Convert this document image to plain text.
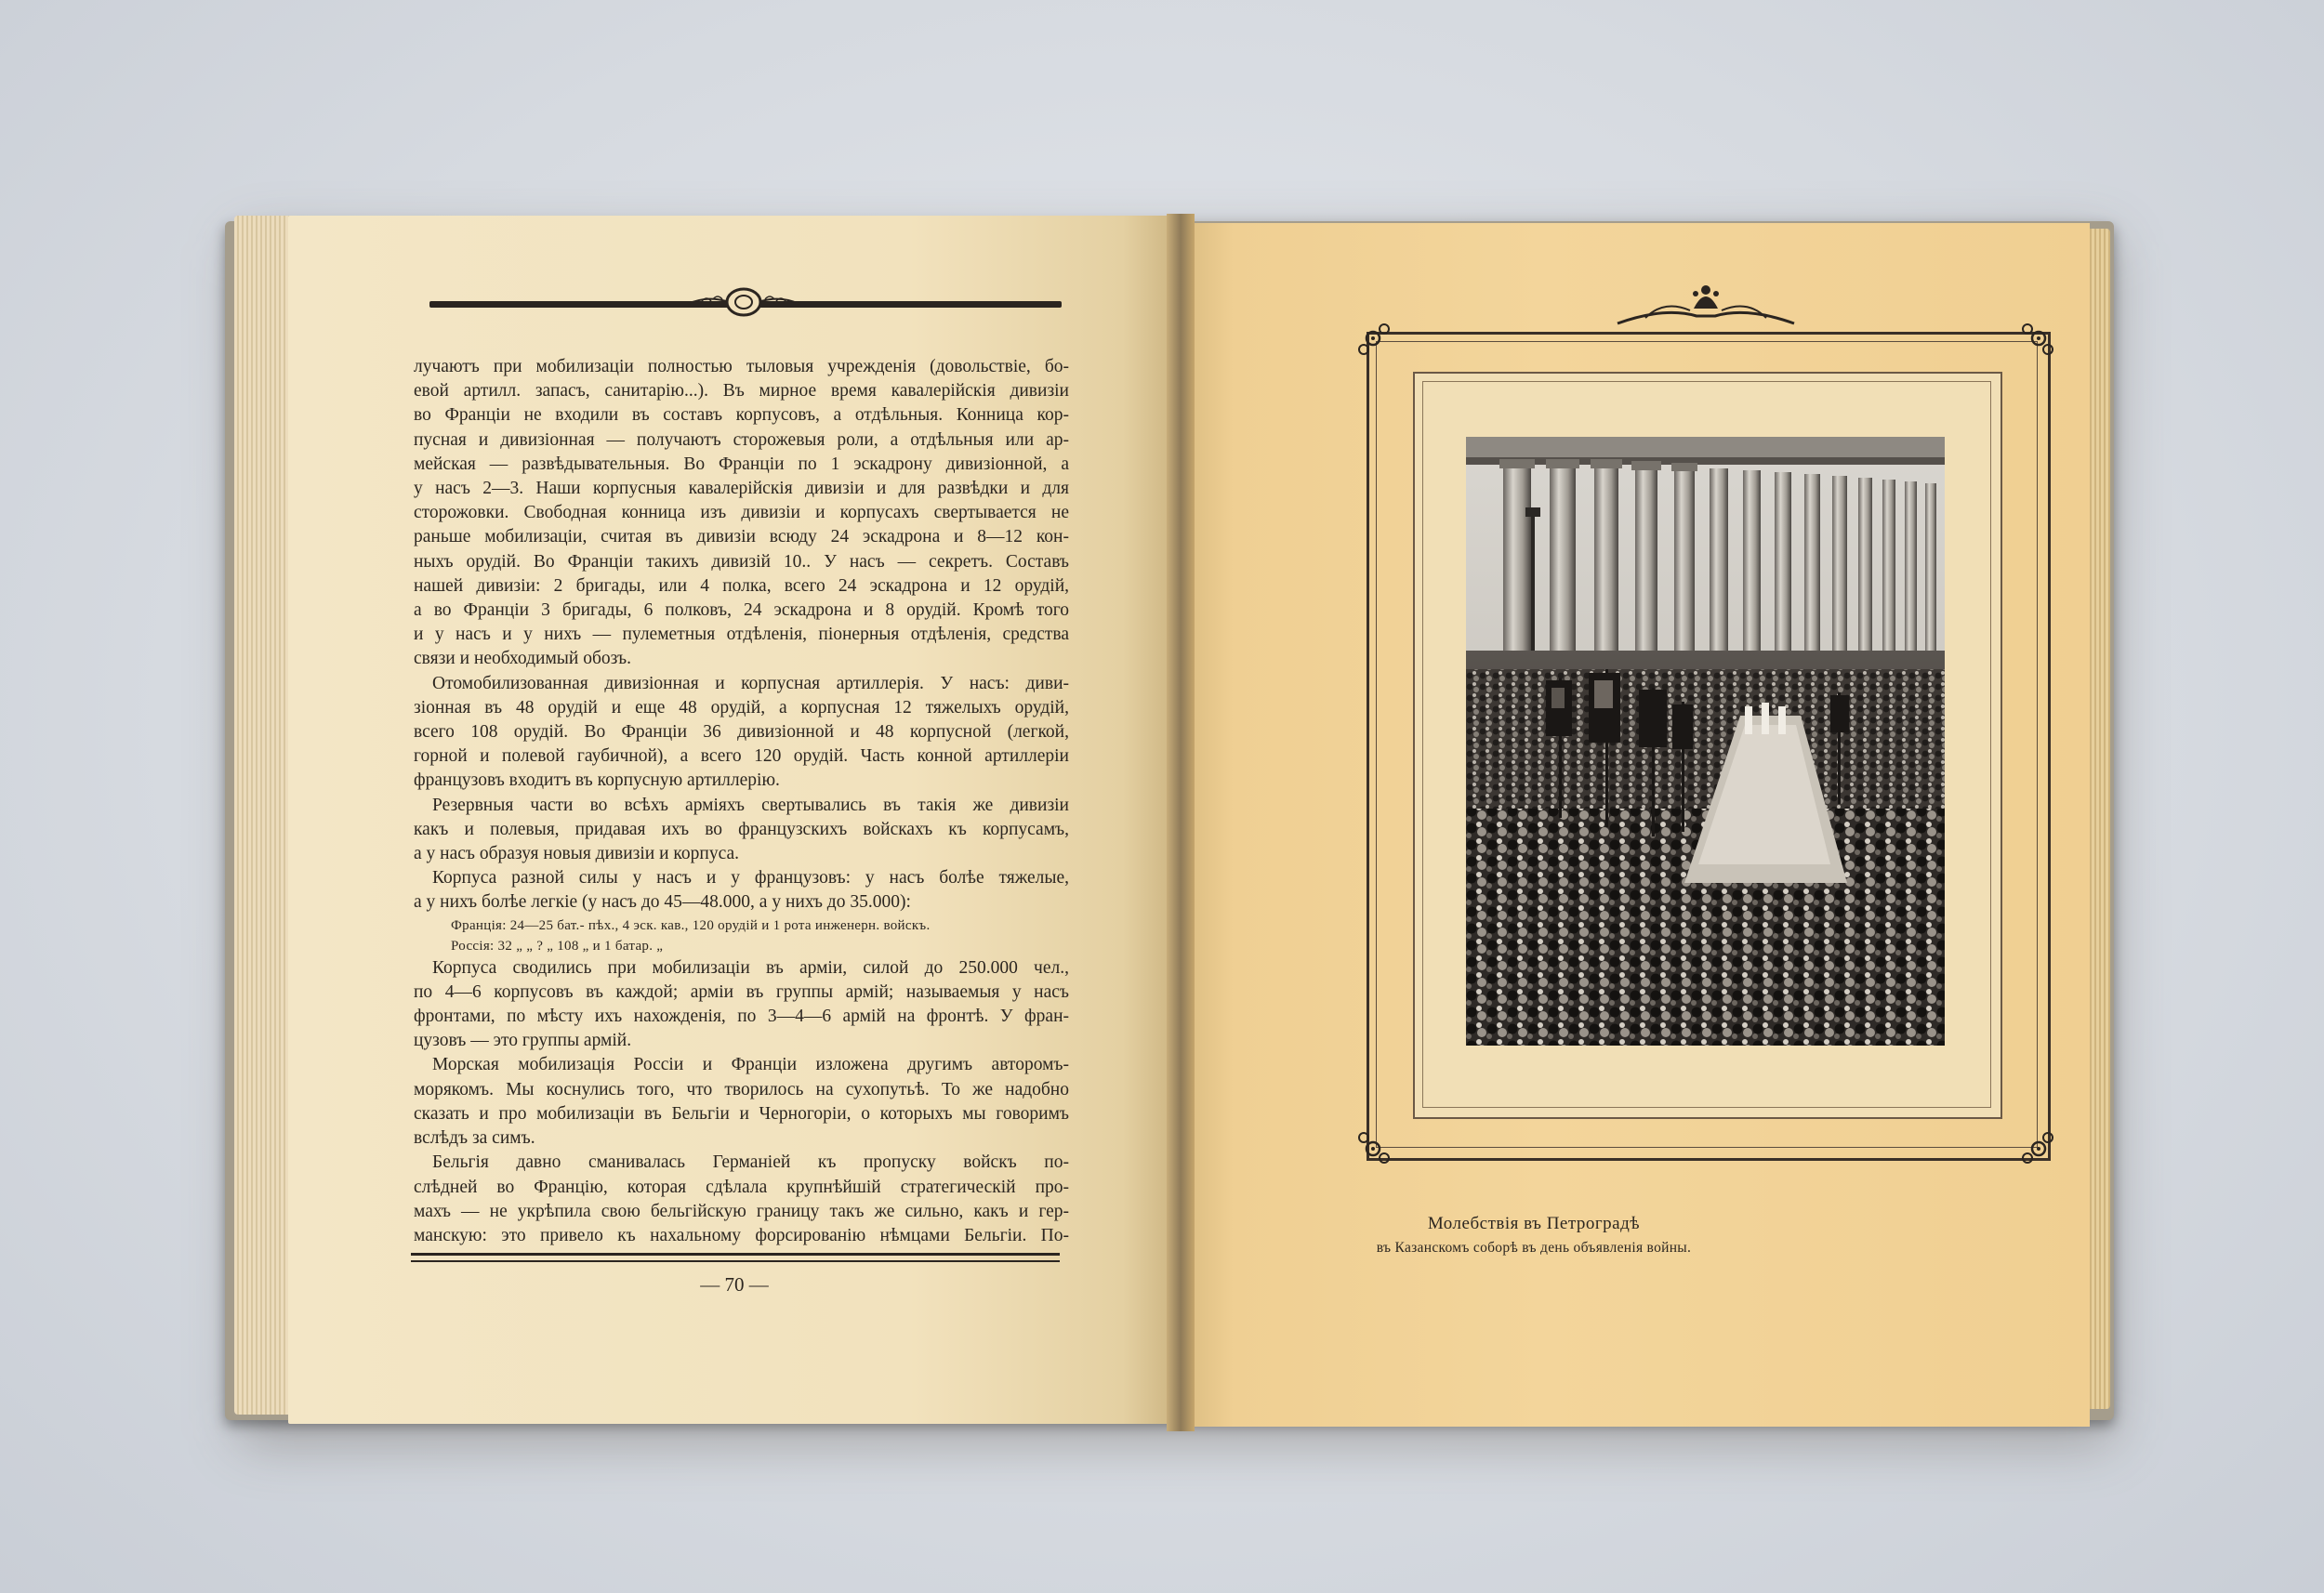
лучаютъ при мобилизацiи полностью тыловыя учрежденiя (довольствiе, бо-
евой артилл. запасъ, санитарiю...). Въ мирное время кавалерiйскiя дивизiи
во Францiи не входили въ составъ корпусовъ, а отдѣльныя. Конница кор-
пусная и дивизiонная — получаютъ сторожевыя роли, а отдѣльныя или ар-
мейская — развѣдывательныя. Во Францiи по 1 эскадрону дивизiонной, а
у насъ 2—3. Наши корпусныя кавалерiйскiя дивизiи и для развѣдки и для
сторожовки. Свободная конница изъ дивизiи и корпусахъ свертывается не
раньше мобилизацiи, считая въ дивизiи всюду 24 эскадрона и 8—12 кон-
ныхъ орудiй. Во Францiи такихъ дивизiй 10.. У насъ — секретъ. Составъ
нашей дивизiи: 2 бригады, или 4 полка, всего 24 эскадрона и 12 орудiй,
а во Францiи 3 бригады, 6 полковъ, 24 эскадрона и 8 орудiй. Кромѣ того
и у насъ и у нихъ — пулеметныя отдѣленiя, пiонерныя отдѣленiя, средства
связи и необходимый обозъ.
Отомобилизованная дивизiонная и корпусная артиллерiя. У насъ: диви-
зiонная въ 48 орудiй и еще 48 орудiй, а корпусная 12 тяжелыхъ орудiй,
всего 108 орудiй. Во Францiи 36 дивизiонной и 48 корпусной (легкой,
горной и полевой гаубичной), а всего 120 орудiй. Часть конной артиллерiи
французовъ входитъ въ корпусную артиллерiю.
Резервныя части во всѣхъ армiяхъ свертывались въ такiя же дивизiи
какъ и полевыя, придавая ихъ во французскихъ войскахъ къ корпусамъ,
а у насъ образуя новыя дивизiи и корпуса.
Корпуса разной силы у насъ и у французовъ: у насъ болѣе тяжелые,
а у нихъ болѣе легкiе (у насъ до 45—48.000, а у нихъ до 35.000):
Францiя: 24—25 бат.- пѣх., 4 эск. кав., 120 орудiй и 1 рота инженерн. войскъ.
Россiя: 32 „ „ ? „ 108 „ и 1 батар. „
Корпуса сводились при мобилизацiи въ армiи, силой до 250.000 чел.,
по 4—6 корпусовъ въ каждой; армiи въ группы армiй; называемыя у насъ
фронтами, по мѣсту ихъ нахожденiя, по 3—4—6 армiй на фронтѣ. У фран-
цузовъ — это группы армiй.
Морская мобилизацiя Россiи и Францiи изложена другимъ авторомъ-
морякомъ. Мы коснулись того, что творилось на сухопутьѣ. То же надобно
сказать и про мобилизацiи въ Бельгiи и Черногорiи, о которыхъ мы говоримъ
вслѣдъ за симъ.
Бельгiя давно сманивалась Германiей къ пропуску войскъ по-
слѣдней во Францiю, которая сдѣлала крупнѣйшiй стратегическiй про-
махъ — не укрѣпила свою бельгiйскую границу такъ же сильно, какъ и гер-
манскую: это привело къ нахальному форсированiю нѣмцами Бельгiи. По-
— 70 —
Молебствiя въ Петроградѣ
въ Казанскомъ соборѣ въ день объявленiя войны.
